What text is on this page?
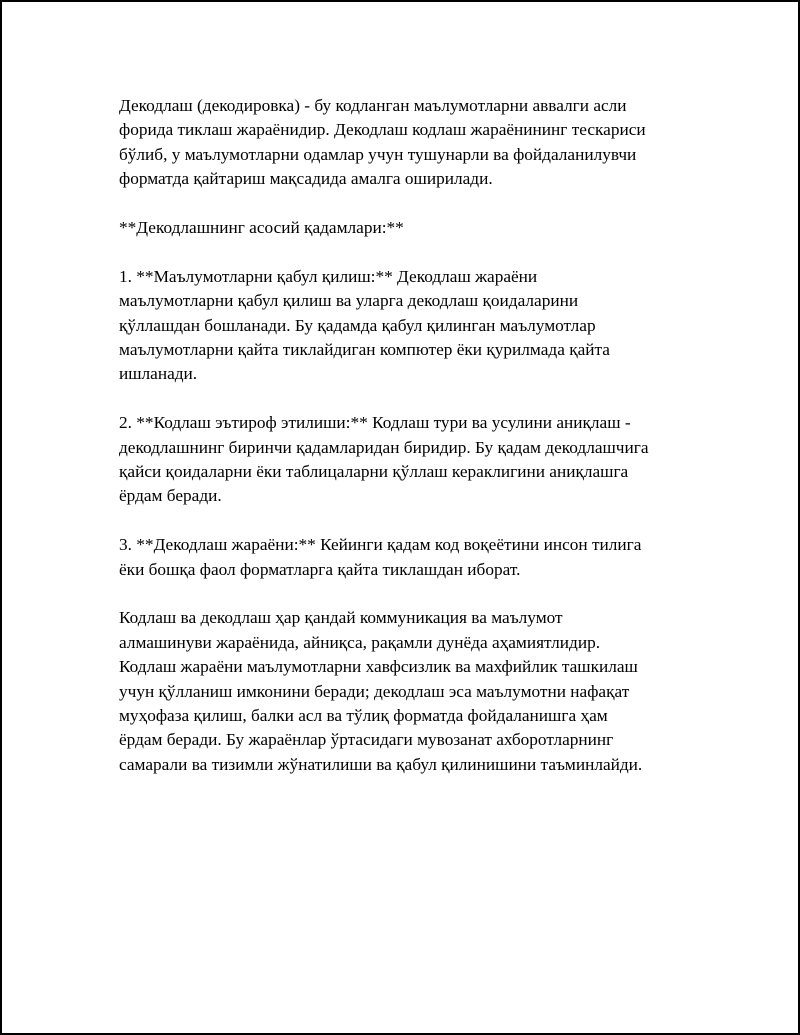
Декодлаш (декодировка) - бу кодланган маълумотларни аввалги асли
форида тиклаш жараёнидир. Декодлаш кодлаш жараёнининг тескариси
бўлиб, у маълумотларни одамлар учун тушунарли ва фойдаланилувчи
форматда қайтариш мақсадида амалга оширилади.

**Декодлашнинг асосий қадамлари:**

1. **Маълумотларни қабул қилиш:** Декодлаш жараёни
маълумотларни қабул қилиш ва уларга декодлаш қоидаларини
қўллашдан бошланади. Бу қадамда қабул қилинган маълумотлар
маълумотларни қайта тиклайдиган компютер ёки қурилмада қайта
ишланади.

2. **Кодлаш эътироф этилиши:** Кодлаш тури ва усулини аниқлаш -
декодлашнинг биринчи қадамларидан биридир. Бу қадам декодлашчига
қайси қоидаларни ёки таблицаларни қўллаш кераклигини аниқлашга
ёрдам беради.

3. **Декодлаш жараёни:** Кейинги қадам код воқеётини инсон тилига
ёки бошқа фаол форматларга қайта тиклашдан иборат.

Кодлаш ва декодлаш ҳар қандай коммуникация ва маълумот
алмашинуви жараёнида, айниқса, рақамли дунёда аҳамиятлидир.
Кодлаш жараёни маълумотларни хавфсизлик ва махфийлик ташкилаш
учун қўлланиш имконини беради; декодлаш эса маълумотни нафақат
муҳофаза қилиш, балки асл ва тўлиқ форматда фойдаланишга ҳам
ёрдам беради. Бу жараёнлар ўртасидаги мувозанат ахборотларнинг
самарали ва тизимли жўнатилиши ва қабул қилинишини таъминлайди.
